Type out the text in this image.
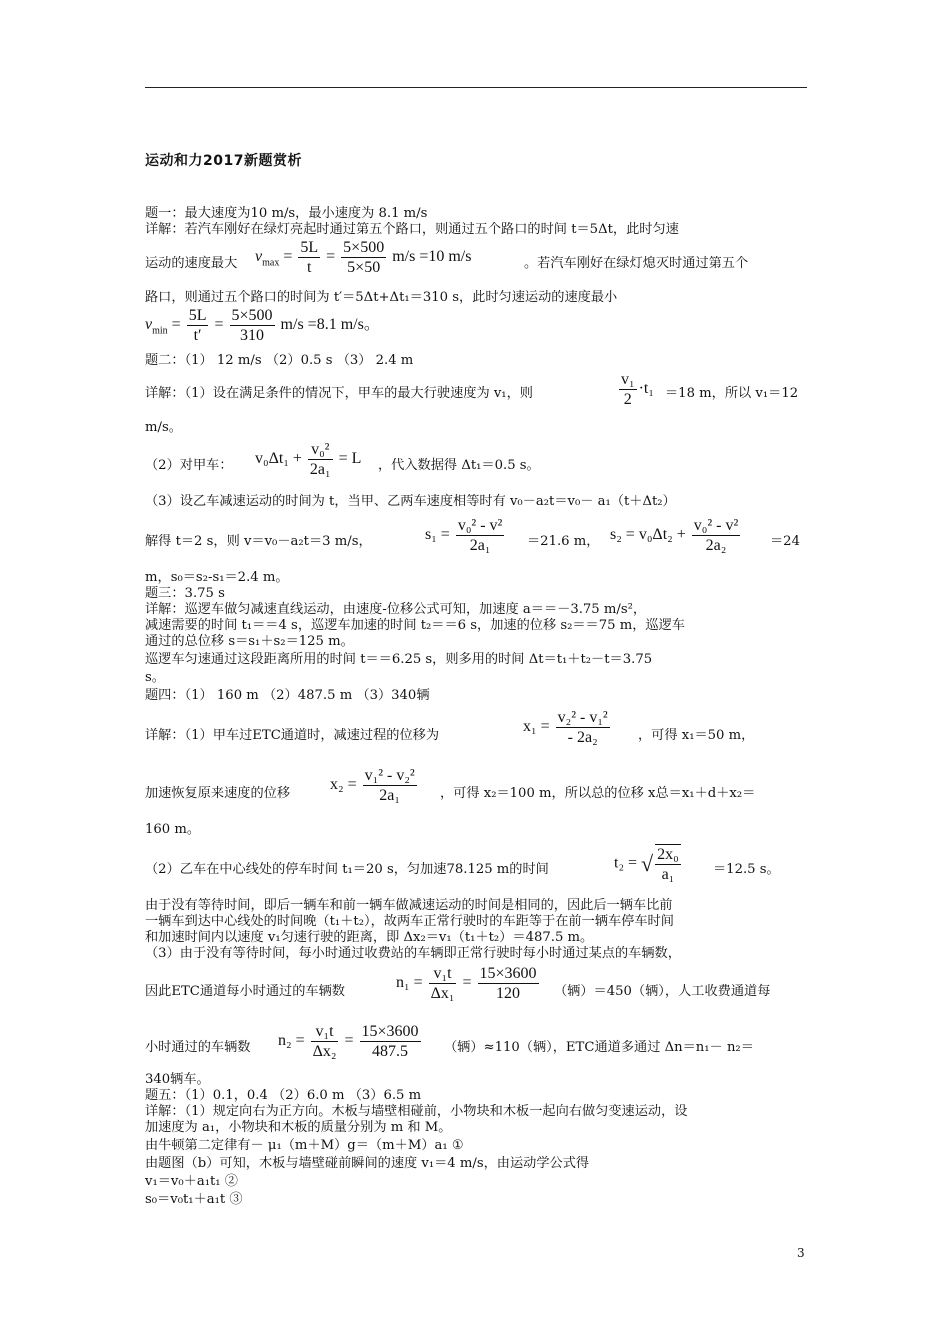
运动和力2017新题赏析
题一：最大速度为10 m/s，最小速度为 8.1 m/s
详解：若汽车刚好在绿灯亮起时通过第五个路口，则通过五个路口的时间 t＝5Δt，此时匀速
运动的速度最大	$v_{max} = \frac{5L}{t} = \frac{5\times 500}{5\times 50} m/s =10$ m/s	。若汽车刚好在绿灯熄灭时通过第五个
路口，则通过五个路口的时间为 t′＝5Δt+Δt₁＝310 s，此时匀速运动的速度最小
$v_{min} = \frac{5L}{t'} = \frac{5\times 500}{310} m/s =8.1$ m/s。
题二：（1） 12 m/s （2）0.5 s （3） 2.4 m
详解：（1）设在满足条件的情况下，甲车的最大行驶速度为 v₁，则	$\frac{\text{v₁}}{2} \cdot t_1 =18$ m，所以 v₁＝12
m/s。
（2）对甲车：	$v_0\Delta t_1 + \frac{\text{v₀²}}{\text{2a₁}} = L$ ，代入数据得 Δt₁＝0.5 s。
（3）设乙车减速运动的时间为 t，当甲、乙两车速度相等时有 v₀－a₂t＝v₀－ a₁（t＋Δt₂）
解得 t＝2 s，则 v＝v₀－a₂t＝3 m/s，	$s_1 = \frac{\text{v₀² - v²}}{\text{2a₁}} =21.6$ m， $s_2 = v_0\Delta t_2 + \frac{\text{v₀² - v²}}{\text{2a₂}} =24$
m，s₀＝s₂-s₁＝2.4 m。
题三：3.75 s
详解：巡逻车做匀减速直线运动，由速度-位移公式可知，加速度 a＝＝－3.75 m/s²，
减速需要的时间 t₁＝＝4 s，巡逻车加速的时间 t₂＝＝6 s，加速的位移 s₂＝＝75 m，巡逻车
通过的总位移 s＝s₁＋s₂＝125 m。
巡逻车匀速通过这段距离所用的时间 t＝＝6.25 s，则多用的时间 Δt＝t₁＋t₂－t＝3.75
s。
题四：（1） 160 m （2）487.5 m （3）340辆
详解：（1）甲车过ETC通道时，减速过程的位移为
$x_1 = \frac{\text{v₂² - v₁²}}{\text{- 2a₂}}$ ，可得 x₁＝50 m，
加速恢复原来速度的位移
$x_2 = \frac{\text{v₁² - v₂²}}{\text{2a₁}}$ ，可得 x₂＝100 m，所以总的位移 x总＝x₁＋d＋x₂＝
160 m。
（2）乙车在中心线处的停车时间 t₁＝20 s，匀加速78.125 m的时间	t₂ = √ $\frac{\text{2x₀}}{\text{a₁}} =12.5$ s。
由于没有等待时间，即后一辆车和前一辆车做减速运动的时间是相同的，因此后一辆车比前
一辆车到达中心线处的时间晚（t₁＋t₂），故两车正常行驶时的车距等于在前一辆车停车时间
和加速时间内以速度 v₁匀速行驶的距离，即 Δx₂＝v₁（t₁＋t₂）＝487.5 m。
（3）由于没有等待时间，每小时通过收费站的车辆即正常行驶时每小时通过某点的车辆数，
因此ETC通道每小时通过的车辆数
$n_1 = \frac{\text{v₁t}}{\text{Δx₁}} = \frac{15\times 3600}{120}$ （辆）＝450（辆），人工收费通道每
小时通过的车辆数	$n_2 = \frac{\text{v₁t}}{\text{Δx₂}} = \frac{15\times 3600}{487.5}$ （辆）≈110（辆），ETC通道多通过 Δn＝n₁－ n₂＝
340辆车。
题五：（1）0.1，0.4 （2）6.0 m （3）6.5 m
详解：（1）规定向右为正方向。木板与墙壁相碰前，小物块和木板一起向右做匀变速运动，设
加速度为 a₁，小物块和木板的质量分别为 m 和 M。
由牛顿第二定律有－ μ₁（m＋M）g＝（m＋M）a₁ ①
由题图（b）可知，木板与墙壁碰前瞬间的速度 v₁＝4 m/s，由运动学公式得
v₁＝v₀＋a₁t₁ ②
s₀＝v₀t₁＋a₁t ③
3
